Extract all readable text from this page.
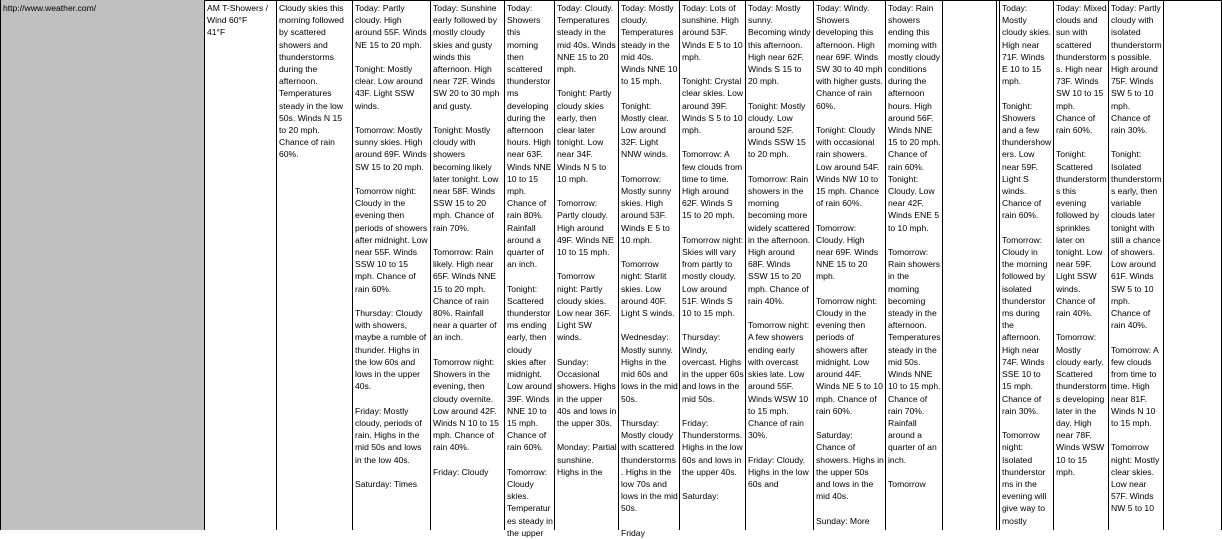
http://www.weather.com/	AM T-Showers / Wind 60°F
41°F
Cloudy skies this morning followed by scattered showers and thunderstorms during the afternoon. Temperatures steady in the low 50s. Winds N 15 to 20 mph. Chance of rain 60%.
Today: Partly cloudy. High around 55F. Winds NE 15 to 20 mph.

Tonight: Mostly clear. Low around 43F. Light SSW winds.

Tomorrow: Mostly sunny skies. High around 69F. Winds SW 15 to 20 mph.

Tomorrow night: Cloudy in the evening then periods of showers after midnight. Low near 55F. Winds SSW 10 to 15 mph. Chance of rain 60%.

Thursday: Cloudy with showers, maybe a rumble of thunder. Highs in the low 60s and lows in the upper 40s.

Friday: Mostly cloudy, periods of rain. Highs in the mid 50s and lows in the low 40s.

Saturday: Times
Today: Sunshine early followed by mostly cloudy skies and gusty winds this afternoon. High near 72F. Winds SW 20 to 30 mph and gusty.

Tonight: Mostly cloudy with showers becoming likely later tonight. Low near 58F. Winds SSW 15 to 20 mph. Chance of rain 70%.

Tomorrow: Rain likely. High near 65F. Winds NNE 15 to 20 mph. Chance of rain 80%. Rainfall near a quarter of an inch.

Tomorrow night: Showers in the evening, then cloudy overnite. Low around 42F. Winds N 10 to 15 mph. Chance of rain 40%.

Friday: Cloudy
Today: Showers this morning then scattered thunderstorms developing during the afternoon hours. High near 63F. Winds NNE 10 to 15 mph. Chance of rain 80%. Rainfall around a quarter of an inch.

Tonight: Scattered thunderstorms ending early, then cloudy skies after midnight. Low around 39F. Winds NNE 10 to 15 mph. Chance of rain 60%.

Tomorrow: Cloudy skies. Temperatures steady in the upper
Today: Cloudy. Temperatures steady in the mid 40s. Winds NNE 15 to 20 mph.

Tonight: Partly cloudy skies early, then clear later tonight. Low near 34F. Winds N 5 to 10 mph.

Tomorrow: Partly cloudy. High around 49F. Winds NE 10 to 15 mph.

Tomorrow night: Partly cloudy skies. Low near 36F. Light SW winds.

Sunday: Occasional showers. Highs in the upper 40s and lows in the upper 30s.

Monday: Partial sunshine. Highs in the
Today: Mostly cloudy. Temperatures steady in the mid 40s. Winds NNE 10 to 15 mph.

Tonight: Mostly clear. Low around 32F. Light NNW winds.

Tomorrow: Mostly sunny skies. High around 53F. Winds E 5 to 10 mph.

Tomorrow night: Starlit skies. Low around 40F. Light S winds.

Wednesday: Mostly sunny. Highs in the mid 60s and lows in the mid 50s.

Thursday: Mostly cloudy with scattered thunderstorms. Highs in the low 70s and lows in the mid 50s.

Friday
Today: Lots of sunshine. High around 53F. Winds E 5 to 10 mph.

Tonight: Crystal clear skies. Low around 39F. Winds S 5 to 10 mph.

Tomorrow: A few clouds from time to time. High around 62F. Winds S 15 to 20 mph.

Tomorrow night: Skies will vary from partly to mostly cloudy. Low around 51F. Winds S 10 to 15 mph.

Thursday: Windy, overcast. Highs in the upper 60s and lows in the mid 50s.

Friday: Thunderstorms. Highs in the low 60s and lows in the upper 40s.

Saturday:
Today: Mostly sunny. Becoming windy this afternoon. High near 62F. Winds S 15 to 20 mph.

Tonight: Mostly cloudy. Low around 52F. Winds SSW 15 to 20 mph.

Tomorrow: Rain showers in the morning becoming more widely scattered in the afternoon. High around 68F. Winds SSW 15 to 20 mph. Chance of rain 40%.

Tomorrow night: A few showers ending early with overcast skies late. Low around 55F. Winds WSW 10 to 15 mph. Chance of rain 30%.

Friday: Cloudy. Highs in the low 60s and
Today: Windy. Showers developing this afternoon. High near 69F. Winds SW 30 to 40 mph with higher gusts. Chance of rain 60%.

Tonight: Cloudy with occasional rain showers. Low around 54F. Winds NW 10 to 15 mph. Chance of rain 60%.

Tomorrow: Cloudy. High near 69F. Winds NNE 15 to 20 mph.

Tomorrow night: Cloudy in the evening then periods of showers after midnight. Low around 44F. Winds NE 5 to 10 mph. Chance of rain 60%.

Saturday: Chance of showers. Highs in the upper 50s and lows in the mid 40s.

Sunday: More
Today: Rain showers ending this morning with mostly cloudy conditions during the afternoon hours. High around 56F. Winds NNE 15 to 20 mph. Chance of rain 60%.
Tonight: Cloudy. Low near 42F. Winds ENE 5 to 10 mph.

Tomorrow: Rain showers in the morning becoming steady in the afternoon. Temperatures steady in the mid 50s. Winds NNE 10 to 15 mph. Chance of rain 70%. Rainfall around a quarter of an inch.

Tomorrow
Today: Mostly cloudy skies. High near 71F. Winds E 10 to 15 mph.

Tonight: Showers and a few thundershowers. Low near 59F. Light S winds. Chance of rain 60%.

Tomorrow: Cloudy in the morning followed by isolated thunderstorms during the afternoon. High near 74F. Winds SSE 10 to 15 mph. Chance of rain 30%.

Tomorrow night: Isolated thunderstorms in the evening will give way to mostly
Today: Mixed clouds and sun with scattered thunderstorms. High near 73F. Winds SW 10 to 15 mph. Chance of rain 60%.

Tonight: Scattered thunderstorms this evening followed by sprinkles later on tonight. Low near 59F. Light SSW winds. Chance of rain 40%.

Tomorrow: Mostly cloudy early. Scattered thunderstorms developing later in the day. High near 78F. Winds WSW 10 to 15 mph.
Today: Partly cloudy with isolated thunderstorms possible. High around 75F. Winds SW 5 to 10 mph. Chance of rain 30%.

Tonight: Isolated thunderstorms early, then variable clouds later tonight with still a chance of showers. Low around 61F. Winds SW 5 to 10 mph. Chance of rain 40%.

Tomorrow: A few clouds from time to time. High near 81F. Winds N 10 to 15 mph.

Tomorrow night: Mostly clear skies. Low near 57F. Winds NW 5 to 10
